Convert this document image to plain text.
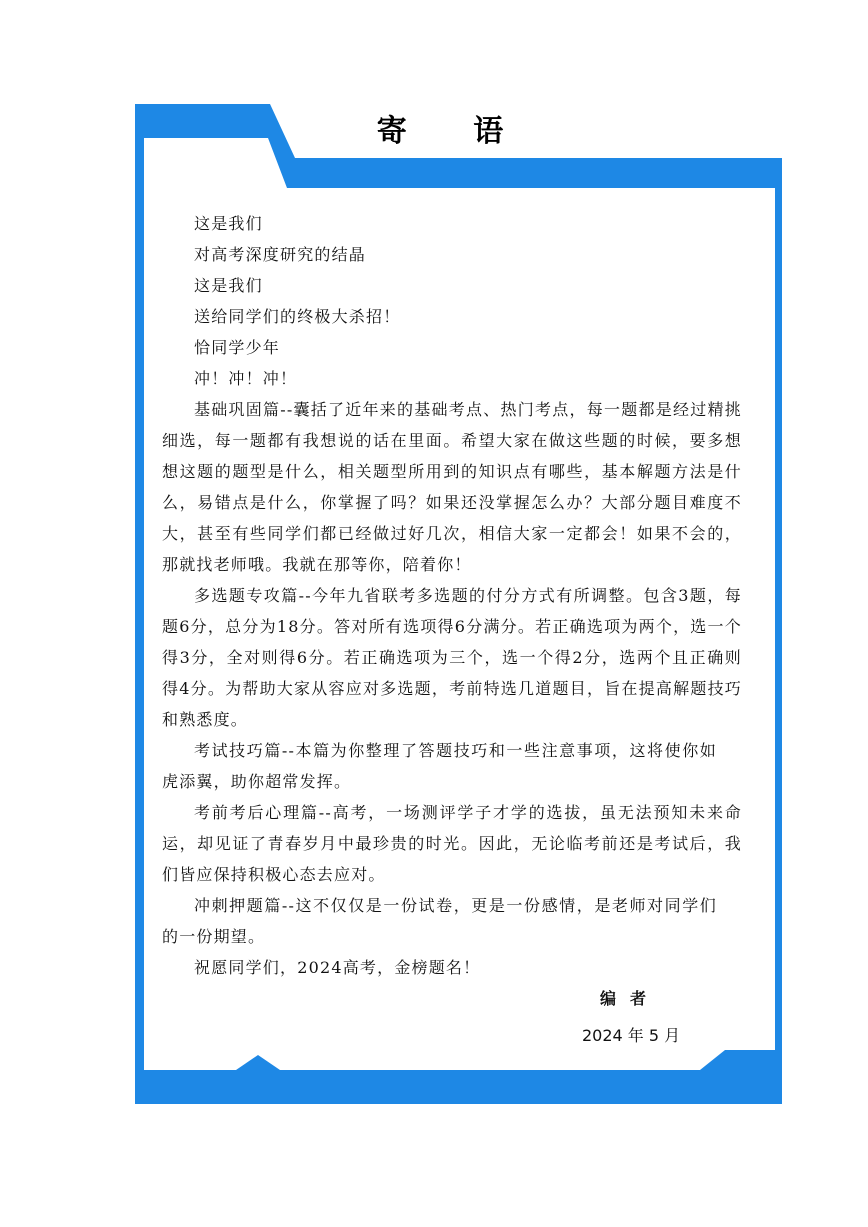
寄 语
这是我们
对高考深度研究的结晶
这是我们
送给同学们的终极大杀招！
恰同学少年
冲！冲！冲！

基础巩固篇--囊括了近年来的基础考点、热门考点，每一题都是经过精挑细选，每一题都有我想说的话在里面。希望大家在做这些题的时候，要多想想这题的题型是什么，相关题型所用到的知识点有哪些，基本解题方法是什么，易错点是什么，你掌握了吗？如果还没掌握怎么办？大部分题目难度不大，甚至有些同学们都已经做过好几次，相信大家一定都会！如果不会的，那就找老师哦。我就在那等你，陪着你！

多选题专攻篇--今年九省联考多选题的付分方式有所调整。包含3题，每题6分，总分为18分。答对所有选项得6分满分。若正确选项为两个，选一个得3分，全对则得6分。若正确选项为三个，选一个得2分，选两个且正确则得4分。为帮助大家从容应对多选题，考前特选几道题目，旨在提高解题技巧和熟悉度。

考试技巧篇--本篇为你整理了答题技巧和一些注意事项，这将使你如虎添翼，助你超常发挥。

考前考后心理篇--高考，一场测评学子才学的选拔，虽无法预知未来命运，却见证了青春岁月中最珍贵的时光。因此，无论临考前还是考试后，我们皆应保持积极心态去应对。

冲刺押题篇--这不仅仅是一份试卷，更是一份感情，是老师对同学们的一份期望。

祝愿同学们，2024高考，金榜题名！

编者
2024 年 5 月
